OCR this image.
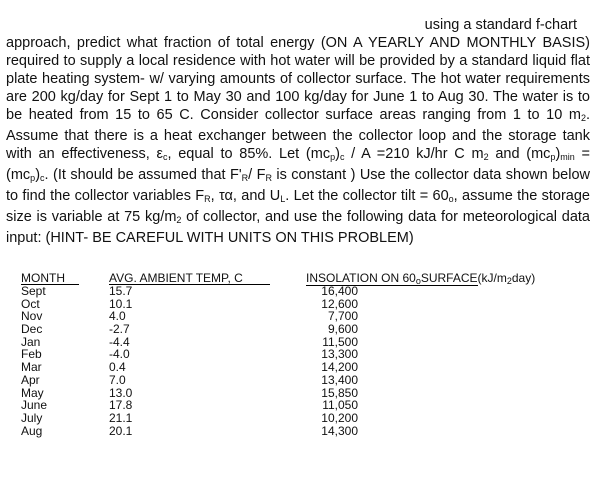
using a standard f-chart

approach, predict what fraction of total energy (ON A YEARLY AND MONTHLY BASIS) required to supply a local residence with hot water will be provided by a standard liquid flat plate heating system- w/ varying amounts of collector surface. The hot water requirements are 200 kg/day for Sept 1 to May 30 and 100 kg/day for June 1 to Aug 30. The water is to be heated from 15 to 65 C. Consider collector surface areas ranging from 1 to 10 $m_2$. Assume that there is a heat exchanger between the collector loop and the storage tank with an effectiveness, $\varepsilon_c$, equal to 85%. Let $(mc_p)_c / A =210$ kJ/hr C $m_2$ and $(mc_p)_{min} = (mc_p)_c$. (It should be assumed that $F'_R/$ $F_R$ is constant ) Use the collector data shown below to find the collector variables $F_R$, τα, and $U_L$. Let the collector tilt = $60_o$, assume the storage size is variable at 75 $kg/m_2$ of collector, and use the following data for meteorological data input: (HINT- BE CAREFUL WITH UNITS ON THIS PROBLEM)

MONTH	AVG. AMBIENT TEMP, C	INSOLATION ON $60_oSURFACE(kJ/m_2day)$
Sept	15.7	16,400
Oct	10.1	12,600
Nov	4.0	7,700
Dec	-2.7	9,600
Jan	-4.4	11,500
Feb	-4.0	13,300
Mar	0.4	14,200
Apr	7.0	13,400
May	13.0	15,850
June	17.8	11,050
July	21.1	10,200
Aug	20.1	14,300
